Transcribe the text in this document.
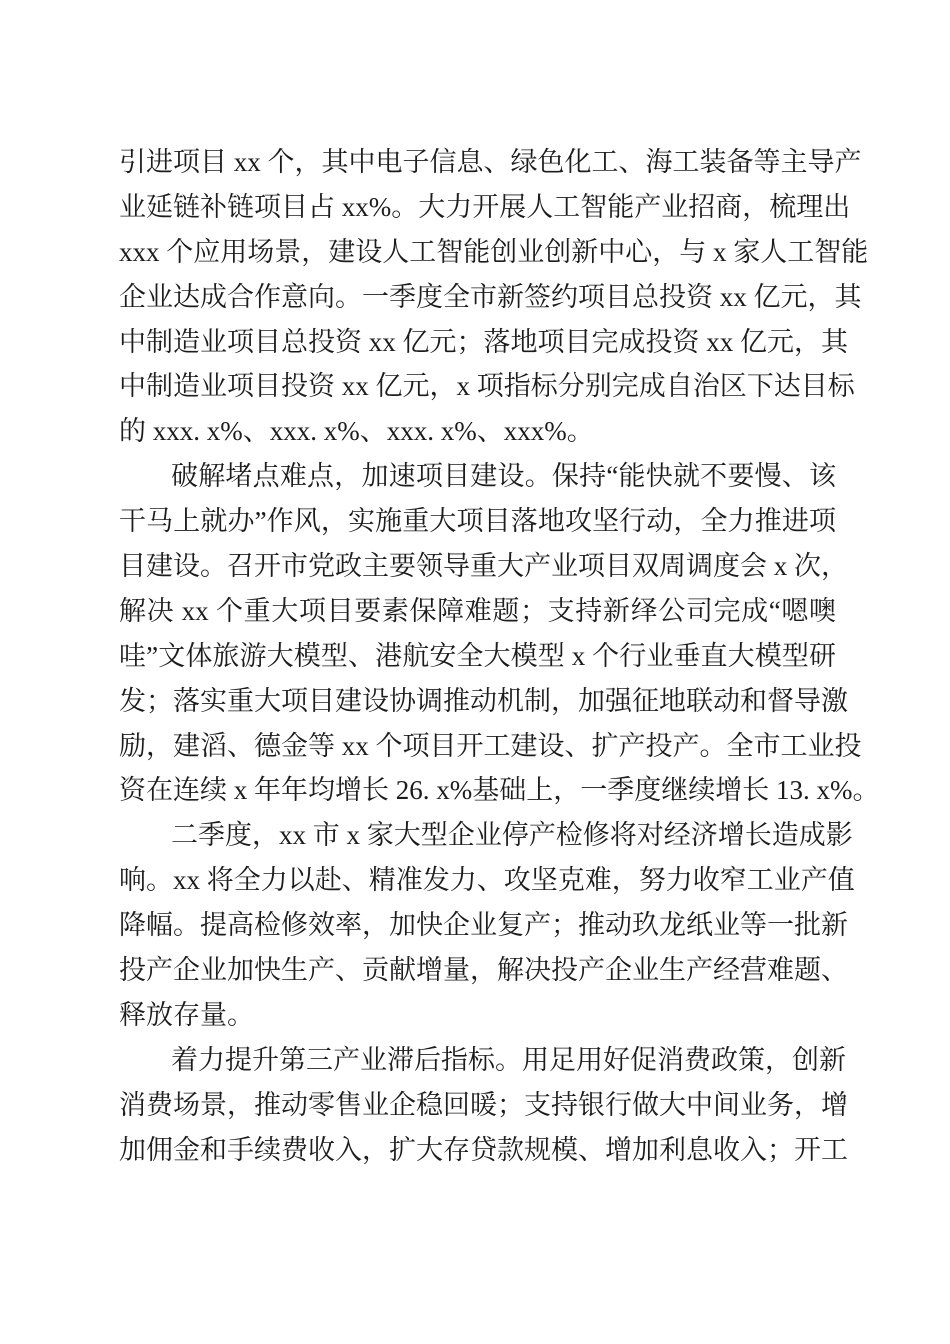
引进项目 xx 个，其中电子信息、绿色化工、海工装备等主导产
业延链补链项目占 xx%。大力开展人工智能产业招商，梳理出
xxx 个应用场景，建设人工智能创业创新中心，与 x 家人工智能
企业达成合作意向。一季度全市新签约项目总投资 xx 亿元，其
中制造业项目总投资 xx 亿元；落地项目完成投资 xx 亿元，其
中制造业项目投资 xx 亿元，x 项指标分别完成自治区下达目标
的 xxx. x%、xxx. x%、xxx. x%、xxx%。
破解堵点难点，加速项目建设。保持“能快就不要慢、该
干马上就办”作风，实施重大项目落地攻坚行动，全力推进项
目建设。召开市党政主要领导重大产业项目双周调度会 x 次，
解决 xx 个重大项目要素保障难题；支持新绎公司完成“嗯噢
哇”文体旅游大模型、港航安全大模型 x 个行业垂直大模型研
发；落实重大项目建设协调推动机制，加强征地联动和督导激
励，建滔、德金等 xx 个项目开工建设、扩产投产。全市工业投
资在连续 x 年年均增长 26. x%基础上，一季度继续增长 13. x%。
二季度，xx 市 x 家大型企业停产检修将对经济增长造成影
响。xx 将全力以赴、精准发力、攻坚克难，努力收窄工业产值
降幅。提高检修效率，加快企业复产；推动玖龙纸业等一批新
投产企业加快生产、贡献增量，解决投产企业生产经营难题、
释放存量。
着力提升第三产业滞后指标。用足用好促消费政策，创新
消费场景，推动零售业企稳回暖；支持银行做大中间业务，增
加佣金和手续费收入，扩大存贷款规模、增加利息收入；开工
